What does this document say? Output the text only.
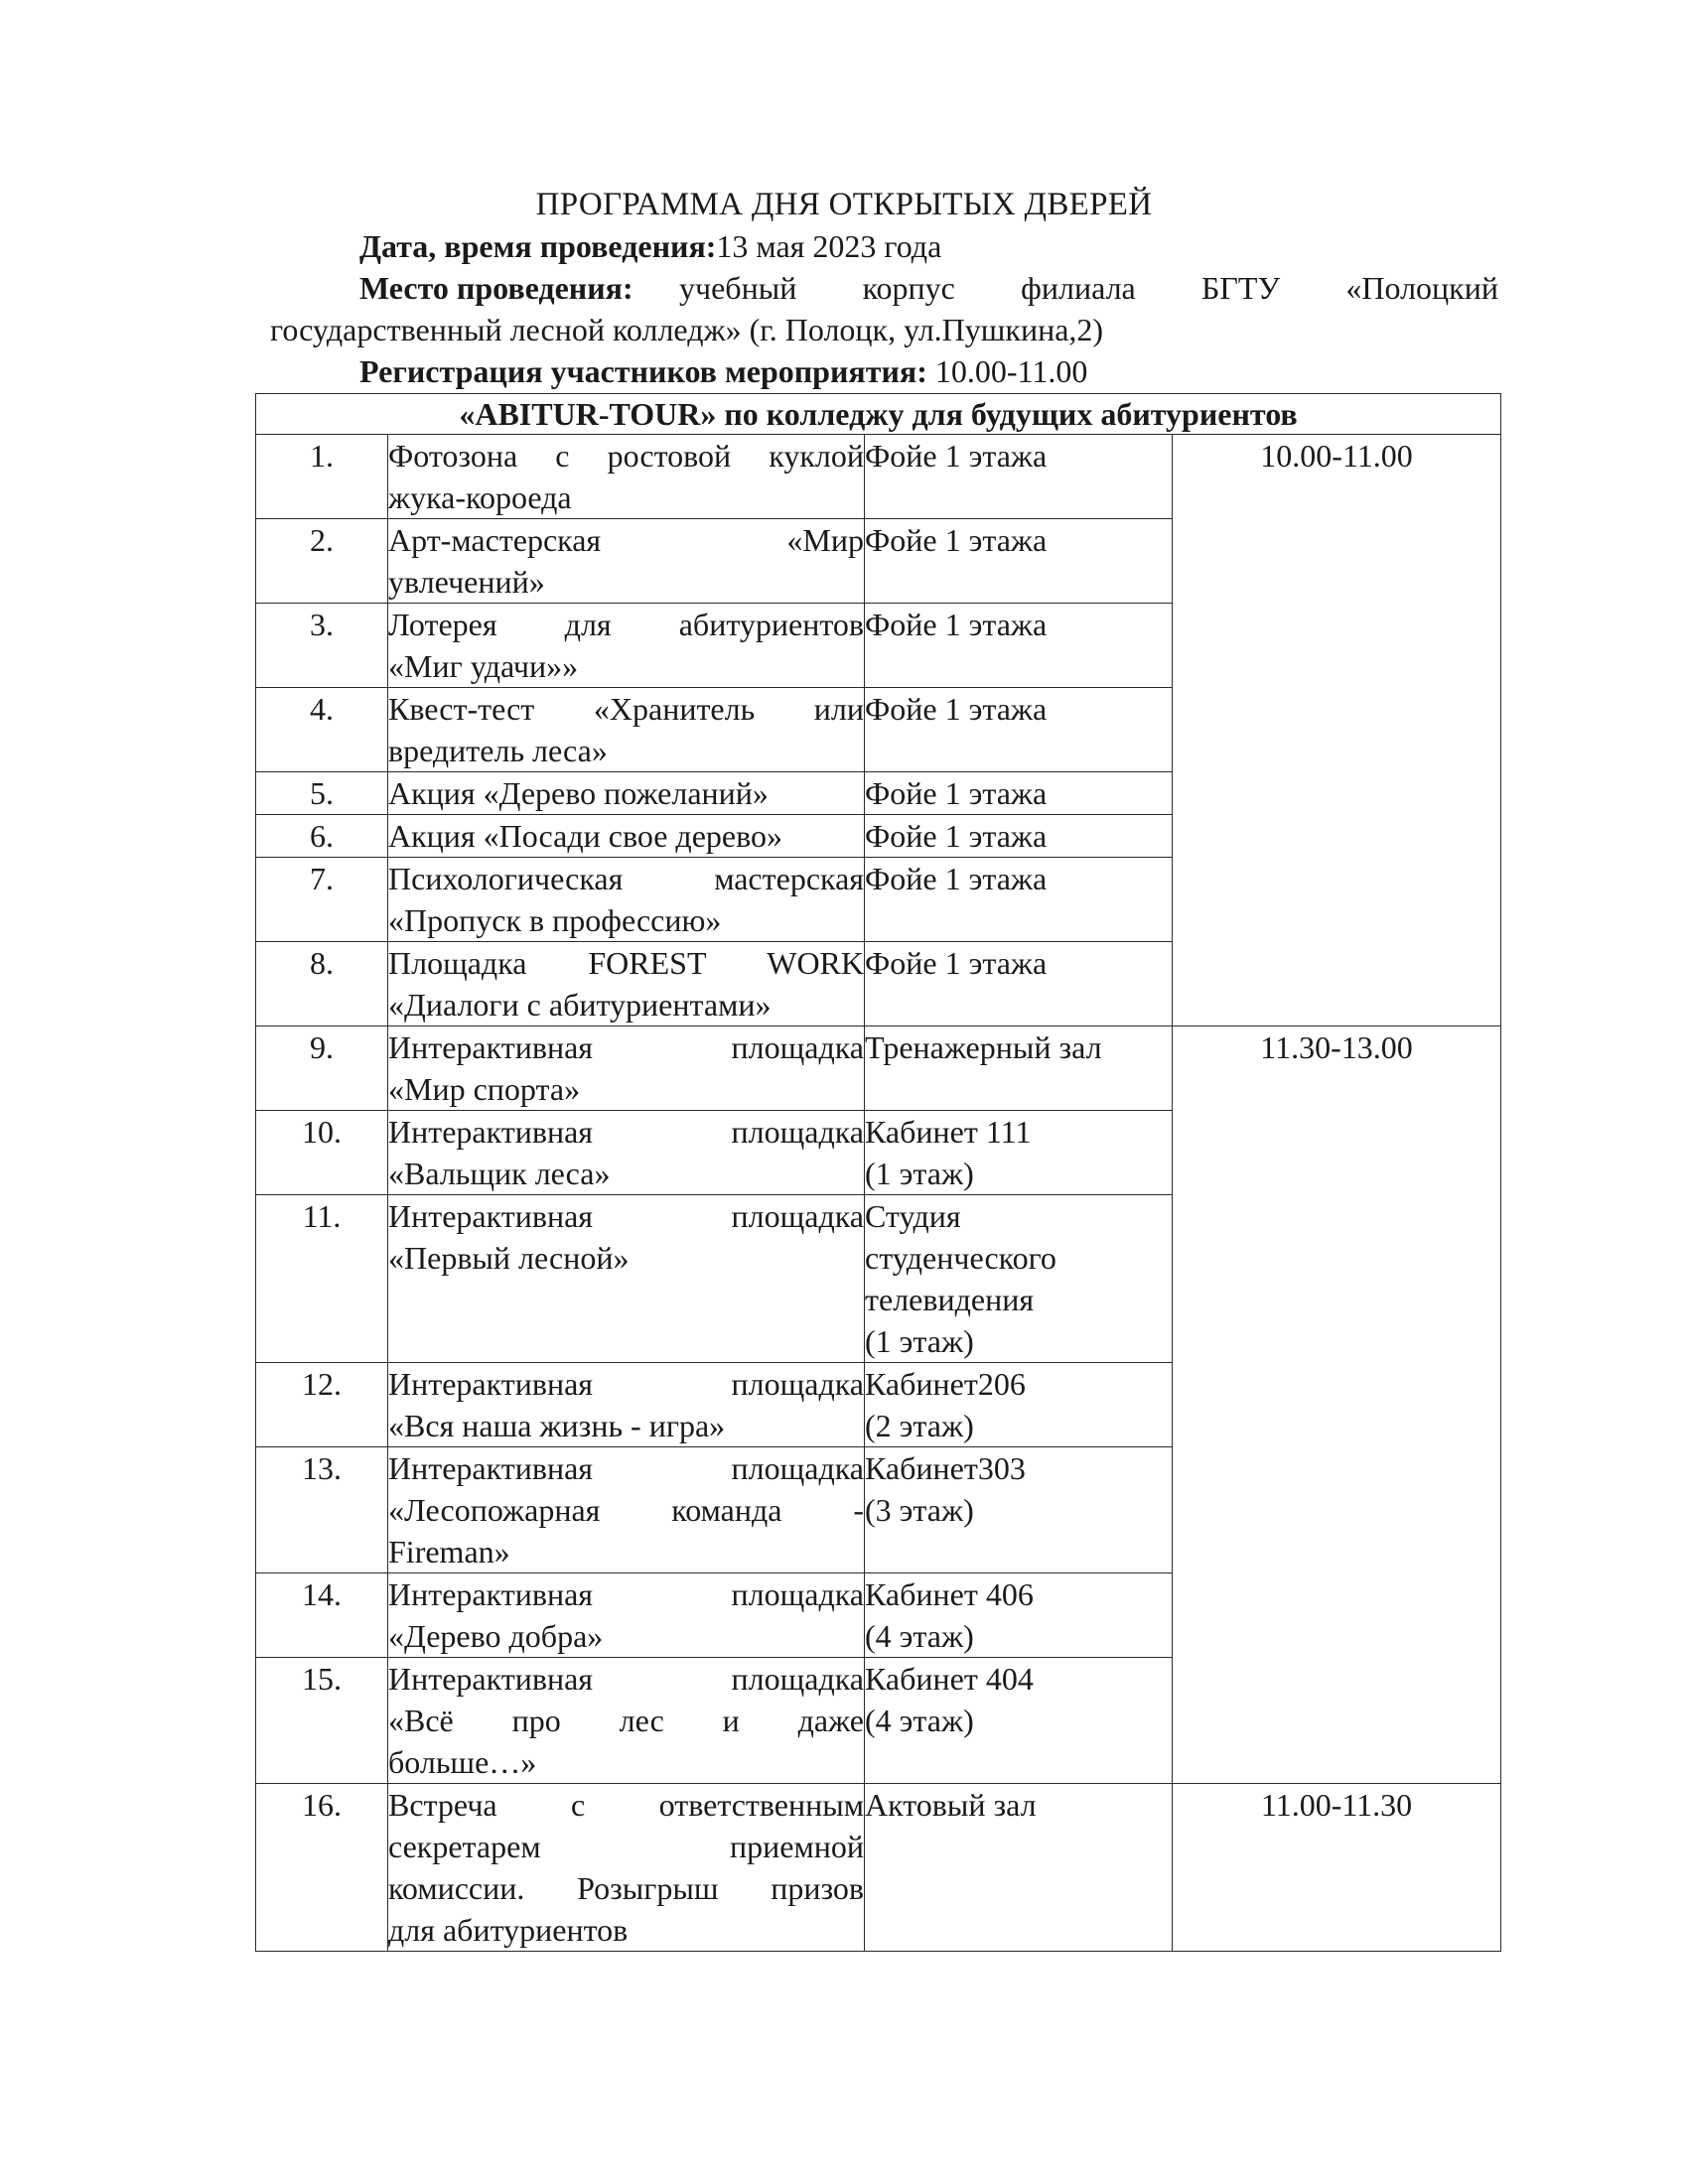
ПРОГРАММА ДНЯ ОТКРЫТЫХ ДВЕРЕЙ
Дата, время проведения:13 мая 2023 года
Место проведения: учебный корпус филиала БГТУ «Полоцкий
государственный лесной колледж» (г. Полоцк, ул.Пушкина,2)
Регистрация участников мероприятия: 10.00-11.00
«ABITUR-TOUR» по колледжу для будущих абитуриентов			
1.	Фотозона с ростовой куклой
жука-короеда	Фойе 1 этажа	10.00-11.00
2.	Арт-мастерская «Мир
увлечений»	Фойе 1 этажа	

3.	Лотерея для абитуриентов
«Миг удачи»»	Фойе 1 этажа	

4.	Квест-тест «Хранитель или
вредитель леса»	Фойе 1 этажа	

5.	Акция «Дерево пожеланий»	Фойе 1 этажа	

6.	Акция «Посади свое дерево»	Фойе 1 этажа	

7.	Психологическая мастерская
«Пропуск в профессию»	Фойе 1 этажа	

8.	Площадка FOREST WORK
«Диалоги с абитуриентами»	Фойе 1 этажа	

9.	Интерактивная площадка
«Мир спорта»	Тренажерный зал	11.30-13.00
10.	Интерактивная площадка
«Вальщик леса»	Кабинет 111
(1 этаж)	

11.	Интерактивная площадка
«Первый лесной»	Студия
студенческого
телевидения
(1 этаж)	

12.	Интерактивная площадка
«Вся наша жизнь - игра»	Кабинет206
(2 этаж)	

13.	Интерактивная площадка
«Лесопожарная команда -
Fireman»	Кабинет303
(3 этаж)	

14.	Интерактивная площадка
«Дерево добра»	Кабинет 406
(4 этаж)	

15.	Интерактивная площадка
«Всё про лес и даже
больше…»	Кабинет 404
(4 этаж)	

16.	Встреча с ответственным
секретарем приемной
комиссии. Розыгрыш призов
для абитуриентов	Актовый зал	11.00-11.30
